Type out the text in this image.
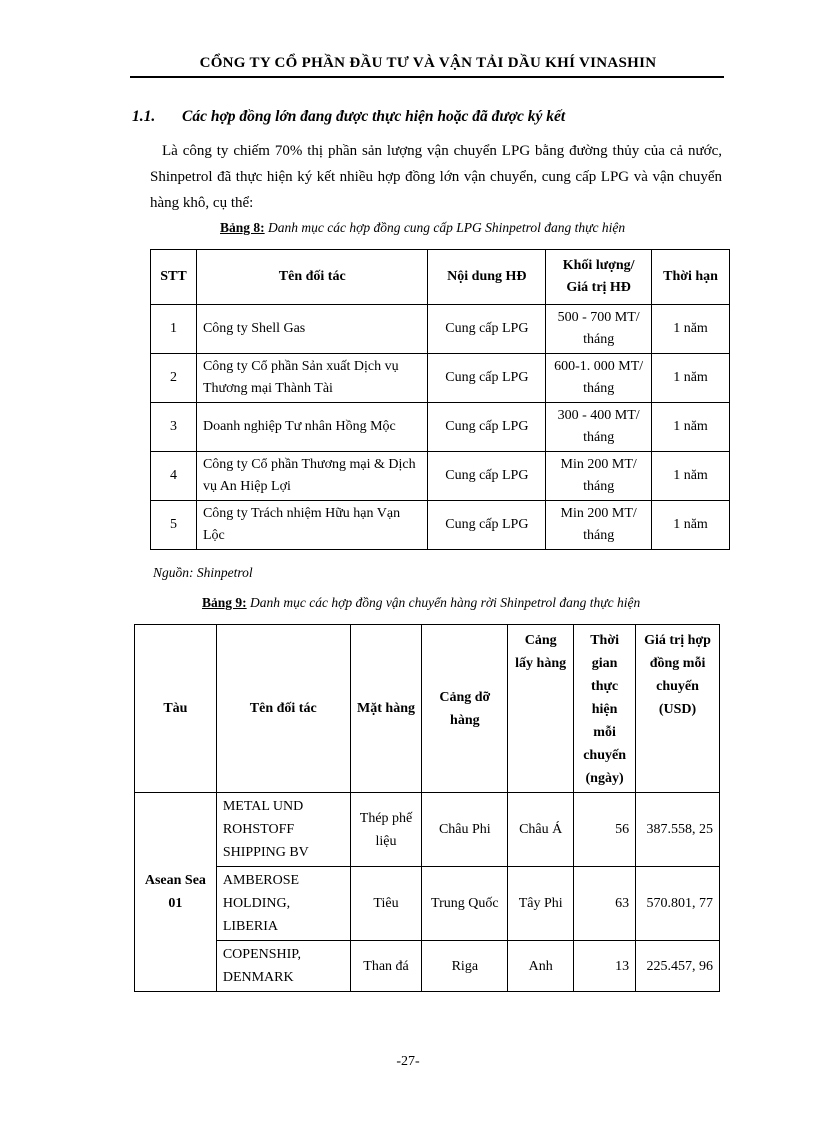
CỔNG TY CỔ PHẦN ĐẦU TƯ VÀ VẬN TẢI DẦU KHÍ VINASHIN
1.1. Các hợp đồng lớn đang được thực hiện hoặc đã được ký kết
Là công ty chiếm 70% thị phần sản lượng vận chuyển LPG bằng đường thủy của cả nước, Shinpetrol đã thực hiện ký kết nhiều hợp đồng lớn vận chuyển, cung cấp LPG và vận chuyển hàng khô, cụ thể:
Bảng 8: Danh mục các hợp đồng cung cấp LPG Shinpetrol đang thực hiện
STT	Tên đối tác	Nội dung HĐ	Khối lượng/ Giá trị HĐ	Thời hạn
1	Công ty Shell Gas	Cung cấp LPG	500 - 700 MT/ tháng	1 năm
2	Công ty Cổ phần Sản xuất Dịch vụ Thương mại Thành Tài	Cung cấp LPG	600-1. 000 MT/ tháng	1 năm
3	Doanh nghiệp Tư nhân Hồng Mộc	Cung cấp LPG	300 - 400 MT/ tháng	1 năm
4	Công ty Cổ phần Thương mại & Dịch vụ An Hiệp Lợi	Cung cấp LPG	Min 200 MT/ tháng	1 năm
5	Công ty Trách nhiệm Hữu hạn Vạn Lộc	Cung cấp LPG	Min 200 MT/ tháng	1 năm
Nguồn: Shinpetrol
Bảng 9: Danh mục các hợp đồng vận chuyển hàng rời Shinpetrol đang thực hiện
Tàu	Tên đối tác	Mặt hàng	Cảng dỡ hàng	Cảng lấy hàng	Thời gian thực hiện mỗi chuyến (ngày)	Giá trị hợp đồng mỗi chuyến (USD)
Asean Sea 01	METAL UND ROHSTOFF SHIPPING BV	Thép phế liệu	Châu Phi	Châu Á	56	387.558, 25
	AMBEROSE HOLDING, LIBERIA	Tiêu	Trung Quốc	Tây Phi	63	570.801, 77
	COPENSHIP, DENMARK	Than đá	Riga	Anh	13	225.457, 96
-27-
